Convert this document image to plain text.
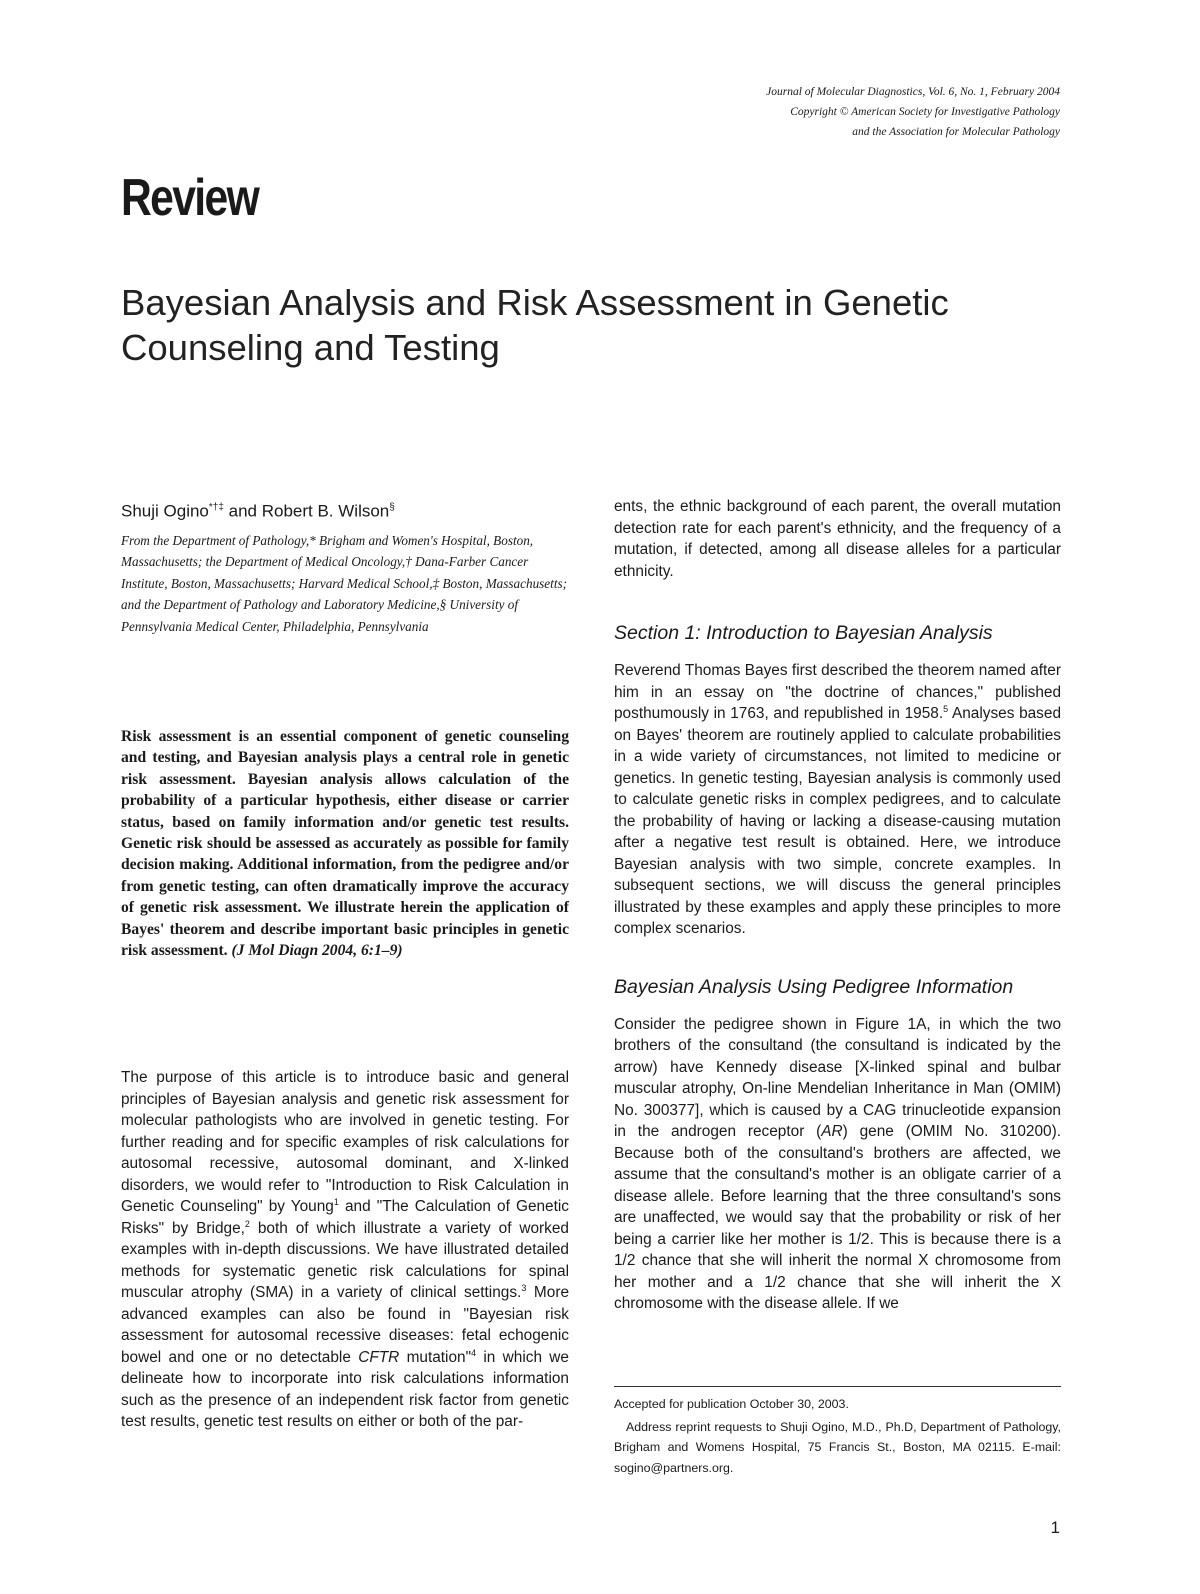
Journal of Molecular Diagnostics, Vol. 6, No. 1, February 2004
Copyright © American Society for Investigative Pathology
and the Association for Molecular Pathology
Review
Bayesian Analysis and Risk Assessment in Genetic
Counseling and Testing
Shuji Ogino*†‡ and Robert B. Wilson§
From the Department of Pathology,* Brigham and Women's Hospital, Boston, Massachusetts; the Department of Medical Oncology,† Dana-Farber Cancer Institute, Boston, Massachusetts; Harvard Medical School,‡ Boston, Massachusetts; and the Department of Pathology and Laboratory Medicine,§ University of Pennsylvania Medical Center, Philadelphia, Pennsylvania
Risk assessment is an essential component of genetic counseling and testing, and Bayesian analysis plays a central role in genetic risk assessment. Bayesian analysis allows calculation of the probability of a particular hypothesis, either disease or carrier status, based on family information and/or genetic test results. Genetic risk should be assessed as accurately as possible for family decision making. Additional information, from the pedigree and/or from genetic testing, can often dramatically improve the accuracy of genetic risk assessment. We illustrate herein the application of Bayes' theorem and describe important basic principles in genetic risk assessment. (J Mol Diagn 2004, 6:1–9)
The purpose of this article is to introduce basic and general principles of Bayesian analysis and genetic risk assessment for molecular pathologists who are involved in genetic testing. For further reading and for specific examples of risk calculations for autosomal recessive, autosomal dominant, and X-linked disorders, we would refer to "Introduction to Risk Calculation in Genetic Counseling" by Young$^1$ and "The Calculation of Genetic Risks" by Bridge,$^2$ both of which illustrate a variety of worked examples with in-depth discussions. We have illustrated detailed methods for systematic genetic risk calculations for spinal muscular atrophy (SMA) in a variety of clinical settings.$^3$ More advanced examples can also be found in "Bayesian risk assessment for autosomal recessive diseases: fetal echogenic bowel and one or no detectable CFTR mutation"$^4$ in which we delineate how to incorporate into risk calculations information such as the presence of an independent risk factor from genetic test results, genetic test results on either or both of the par-
ents, the ethnic background of each parent, the overall mutation detection rate for each parent's ethnicity, and the frequency of a mutation, if detected, among all disease alleles for a particular ethnicity.
Section 1: Introduction to Bayesian Analysis
Reverend Thomas Bayes first described the theorem named after him in an essay on "the doctrine of chances," published posthumously in 1763, and republished in 1958.$^5$ Analyses based on Bayes' theorem are routinely applied to calculate probabilities in a wide variety of circumstances, not limited to medicine or genetics. In genetic testing, Bayesian analysis is commonly used to calculate genetic risks in complex pedigrees, and to calculate the probability of having or lacking a disease-causing mutation after a negative test result is obtained. Here, we introduce Bayesian analysis with two simple, concrete examples. In subsequent sections, we will discuss the general principles illustrated by these examples and apply these principles to more complex scenarios.
Bayesian Analysis Using Pedigree Information
Consider the pedigree shown in Figure 1A, in which the two brothers of the consultand (the consultand is indicated by the arrow) have Kennedy disease [X-linked spinal and bulbar muscular atrophy, On-line Mendelian Inheritance in Man (OMIM) No. 300377], which is caused by a CAG trinucleotide expansion in the androgen receptor (AR) gene (OMIM No. 310200). Because both of the consultand's brothers are affected, we assume that the consultand's mother is an obligate carrier of a disease allele. Before learning that the three consultand's sons are unaffected, we would say that the probability or risk of her being a carrier like her mother is 1/2. This is because there is a 1/2 chance that she will inherit the normal X chromosome from her mother and a 1/2 chance that she will inherit the X chromosome with the disease allele. If we
Accepted for publication October 30, 2003.
Address reprint requests to Shuji Ogino, M.D., Ph.D, Department of Pathology, Brigham and Womens Hospital, 75 Francis St., Boston, MA 02115. E-mail: sogino@partners.org.
1
